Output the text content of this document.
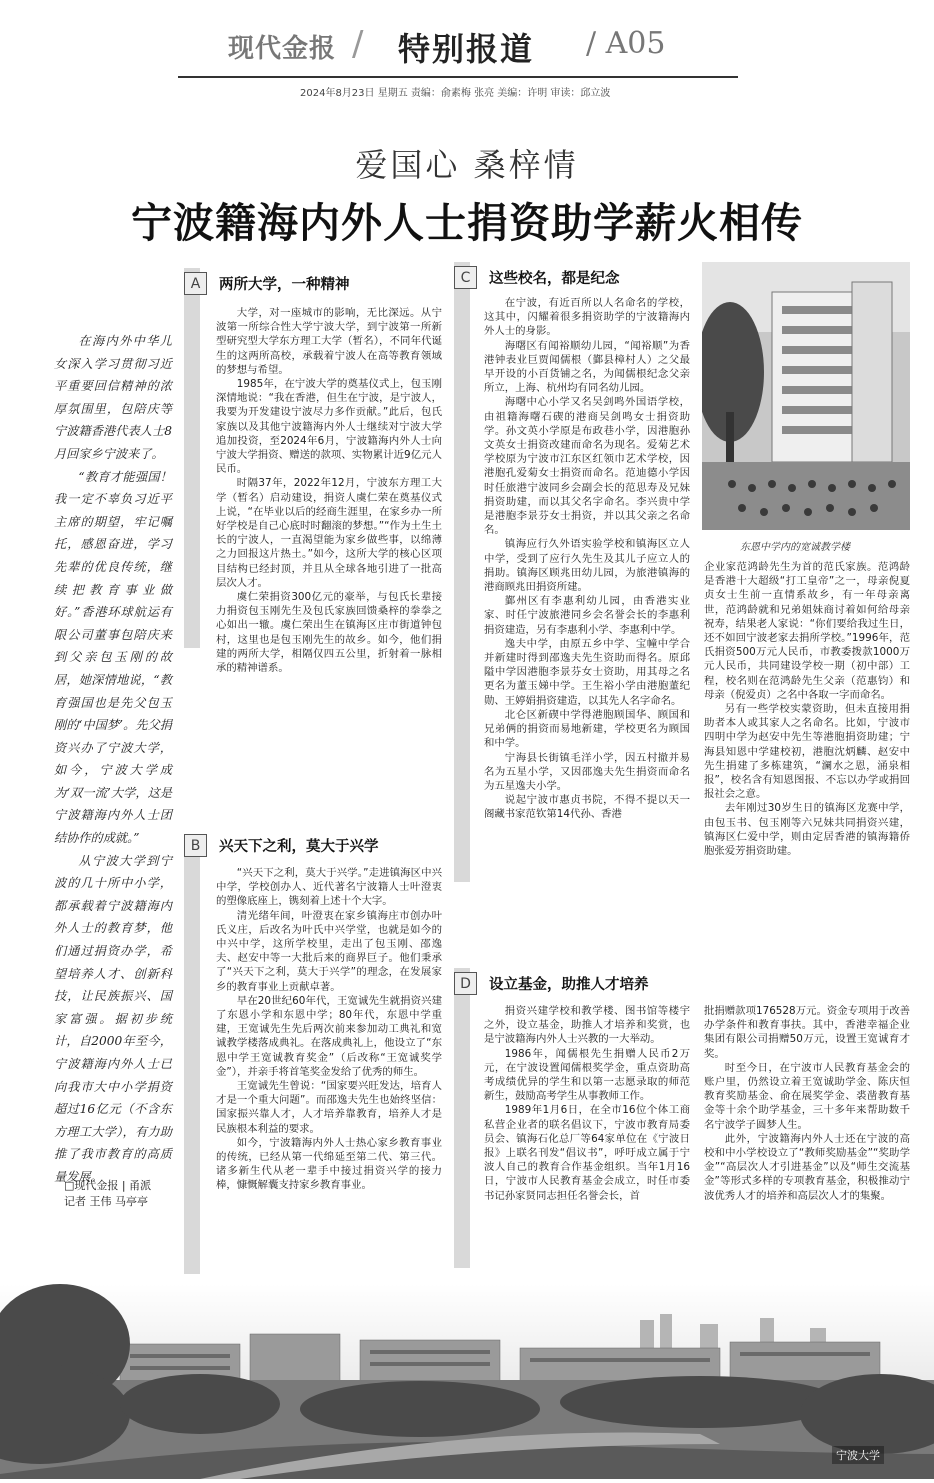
现代金报 / 特别报道 / A05
2024年8月23日 星期五 责编：俞素梅 张亮 美编：许明 审读：邱立波
爱国心 桑梓情
宁波籍海内外人士捐资助学薪火相传

在海内外中华儿女深入学习贯彻习近平重要回信精神的浓厚氛围里，包陪庆等宁波籍香港代表人士8月回家乡宁波来了。

“教育才能强国！我一定不辜负习近平主席的期望，牢记嘱托，感恩奋进，学习先辈的优良传统，继续把教育事业做好。”香港环球航运有限公司董事包陪庆来到父亲包玉刚的故居，她深情地说，“教育强国也是先父包玉刚的‘中国梦’。先父捐资兴办了宁波大学，如今，宁波大学成为‘双一流’大学，这是宁波籍海内外人士团结协作的成就。”

从宁波大学到宁波的几十所中小学，都承载着宁波籍海内外人士的教育梦，他们通过捐资办学，希望培养人才、创新科技，让民族振兴、国家富强。据初步统计，自2000年至今，宁波籍海内外人士已向我市大中小学捐资超过16亿元（不含东方理工大学），有力助推了我市教育的高质量发展。

□现代金报 | 甬派
记者 王伟 马亭亭
A	两所大学，一种精神

大学，对一座城市的影响，无比深远。从宁波第一所综合性大学宁波大学，到宁波第一所新型研究型大学东方理工大学（暂名），不同年代诞生的这两所高校，承载着宁波人在高等教育领域的梦想与希望。

1985年，在宁波大学的奠基仪式上，包玉刚深情地说：“我在香港，但生在宁波，是宁波人，我要为开发建设宁波尽力多作贡献。”此后，包氏家族以及其他宁波籍海内外人士继续对宁波大学追加投资，至2024年6月，宁波籍海内外人士向宁波大学捐资、赠送的款项、实物累计近9亿元人民币。

时隔37年，2022年12月，宁波东方理工大学（暂名）启动建设，捐资人虞仁荣在奠基仪式上说，“在毕业以后的经商生涯里，在家乡办一所好学校是自己心底时时翻滚的梦想。”“作为土生土长的宁波人，一直渴望能为家乡做些事，以绵薄之力回报这片热土。”如今，这所大学的核心区项目结构已经封顶，并且从全球各地引进了一批高层次人才。

虞仁荣捐资300亿元的豪举，与包氏长辈接力捐资包玉刚先生及包氏家族回馈桑梓的拳拳之心如出一辙。虞仁荣出生在镇海区庄市街道钟包村，这里也是包玉刚先生的故乡。如今，他们捐建的两所大学，相隔仅四五公里，折射着一脉相承的精神谱系。

B	兴天下之利，莫大于兴学

“兴天下之利，莫大于兴学。”走进镇海区中兴中学，学校创办人、近代著名宁波籍人士叶澄衷的塑像底座上，镌刻着上述十个大字。

清光绪年间，叶澄衷在家乡镇海庄市创办叶氏义庄，后改名为叶氏中兴学堂，也就是如今的中兴中学，这所学校里，走出了包玉刚、邵逸夫、赵安中等一大批后来的商界巨子。他们秉承了“兴天下之利，莫大于兴学”的理念，在发展家乡的教育事业上贡献卓著。

早在20世纪60年代，王宽诚先生就捐资兴建了东恩小学和东恩中学；80年代，东恩中学重建，王宽诚先生先后两次前来参加动工典礼和宽诚教学楼落成典礼。在落成典礼上，他设立了“东恩中学王宽诚教育奖金”（后改称“王宽诚奖学金”），并亲手将首笔奖金发给了优秀的师生。

王宽诚先生曾说：“国家要兴旺发达，培育人才是一个重大问题”。而邵逸夫先生也始终坚信：国家振兴靠人才，人才培养靠教育，培养人才是民族根本利益的要求。

如今，宁波籍海内外人士热心家乡教育事业的传统，已经从第一代绵延至第二代、第三代。诸多新生代从老一辈手中接过捐资兴学的接力棒，慷慨解囊支持家乡教育事业。

C	这些校名，都是纪念

在宁波，有近百所以人名命名的学校，这其中，闪耀着很多捐资助学的宁波籍海内外人士的身影。

海曙区有闻裕顺幼儿园，“闻裕顺”为香港钟表业巨贾闻儒根（鄞县樟村人）之父最早开设的小百货铺之名，为闻儒根纪念父亲所立，上海、杭州均有同名幼儿园。

海曙中心小学又名吴剑鸣外国语学校，由祖籍海曙石碶的港商吴剑鸣女士捐资助学。孙文英小学原是布政巷小学，因港胞孙文英女士捐资改建而命名为现名。爱菊艺术学校原为宁波市江东区红领巾艺术学校，因港胞孔爱菊女士捐资而命名。范迪德小学因时任旅港宁波同乡会副会长的范思寿及兄妹捐资助建，而以其父名字命名。李兴贵中学是港胞李景芬女士捐资，并以其父亲之名命名。

镇海应行久外语实验学校和镇海区立人中学，受到了应行久先生及其儿子应立人的捐助。镇海区顾兆田幼儿园，为旅港镇海的港商顾兆田捐资所建。

鄞州区有李惠利幼儿园，由香港实业家、时任宁波旅港同乡会名誉会长的李惠利捐资建造，另有李惠利小学、李惠利中学。

逸夫中学，由原五乡中学、宝幢中学合并新建时得到邵逸夫先生资助而得名。原邱隘中学因港胞李景芬女士资助，用其母之名更名为董玉娣中学。王生裕小学由港胞董纪勋、王婷娟捐资建造，以其先人名字命名。

北仑区新碶中学得港胞顾国华、顾国和兄弟俩的捐资而易地新建，学校更名为顾国和中学。

宁海县长街镇毛洋小学，因五村撤并易名为五星小学，又因邵逸夫先生捐资而命名为五星逸夫小学。

说起宁波市惠贞书院，不得不提以天一阁藏书家范钦第14代孙、香港

东恩中学内的宽诚教学楼

企业家范鸿龄先生为首的范氏家族。范鸿龄是香港十大超级“打工皇帝”之一，母亲倪夏贞女士生前一直情系故乡，有一年母亲离世，范鸿龄就和兄弟姐妹商讨着如何给母亲祝寿，结果老人家说：“你们要给我过生日，还不如回宁波老家去捐所学校。”1996年，范氏捐资500万元人民币，市教委拨款1000万元人民币，共同建设学校一期（初中部）工程，校名则在范鸿龄先生父亲（范惠钧）和母亲（倪爱贞）之名中各取一字而命名。

另有一些学校实蒙资助，但未直接用捐助者本人或其家人之名命名。比如，宁波市四明中学为赵安中先生等港胞捐资助建；宁海县知恩中学建校初，港胞沈炳麟、赵安中先生捐建了多栋建筑，“澜水之恩，涌泉相报”，校名含有知恩图报、不忘以办学或捐回报社会之意。

去年刚过30岁生日的镇海区龙赛中学，由包玉书、包玉刚等六兄妹共同捐资兴建，镇海区仁爱中学，则由定居香港的镇海籍侨胞张爱芳捐资助建。

D	设立基金，助推人才培养

捐资兴建学校和教学楼、图书馆等楼宇之外，设立基金，助推人才培养和奖赏，也是宁波籍海内外人士兴教的一大举动。

1986年，闻儒根先生捐赠人民币2万元，在宁波设置闻儒根奖学金，重点资助高考成绩优异的学生和以第一志愿录取的师范新生，鼓励高考学生从事教师工作。

1989年1月6日，在全市16位个体工商私营企业者的联名倡议下，宁波市教育局委员会、镇海石化总厂等64家单位在《宁波日报》上联名刊发“倡议书”，呼吁成立属于宁波人自己的教育合作基金组织。当年1月16日，宁波市人民教育基金会成立，时任市委书记孙家贤同志担任名誉会长，首

批捐赠款项176528万元。资金专项用于改善办学条件和教育事扶。其中，香港幸福企业集团有限公司捐赠50万元，设置王宽诚育才奖。

时至今日，在宁波市人民教育基金会的账户里，仍然设立着王宽诚助学金、陈庆恒教育奖励基金、俞在展奖学金、裘凿教育基金等十余个助学基金，三十多年来帮助数千名宁波学子圆梦人生。

此外，宁波籍海内外人士还在宁波的高校和中小学校设立了“教师奖励基金”“奖助学金”“高层次人才引进基金”以及“师生交流基金”等形式多样的专项教育基金，积极推动宁波优秀人才的培养和高层次人才的集聚。

宁波大学
